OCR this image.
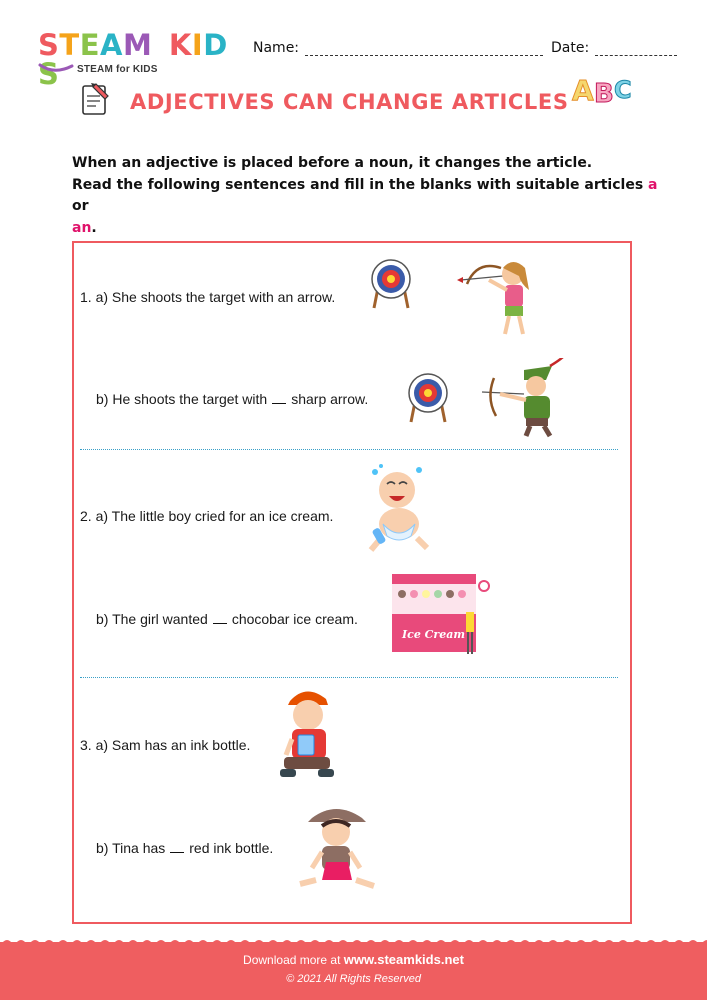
STEAM KIDS	STEAM for KIDS
Name:	Date:
ADJECTIVES CAN CHANGE ARTICLES A B C
When an adjective is placed before a noun, it changes the article.
Read the following sentences and fill in the blanks with suitable articles a or
an.
1. a) She shoots the target with an arrow.
b) He shoots the target with sharp arrow.
2. a) The little boy cried for an ice cream.
b) The girl wanted chocobar ice cream.
3. a) Sam has an ink bottle.
b) Tina has red ink bottle.
Ice Cream
Download more at www.steamkids.net
© 2021 All Rights Reserved
